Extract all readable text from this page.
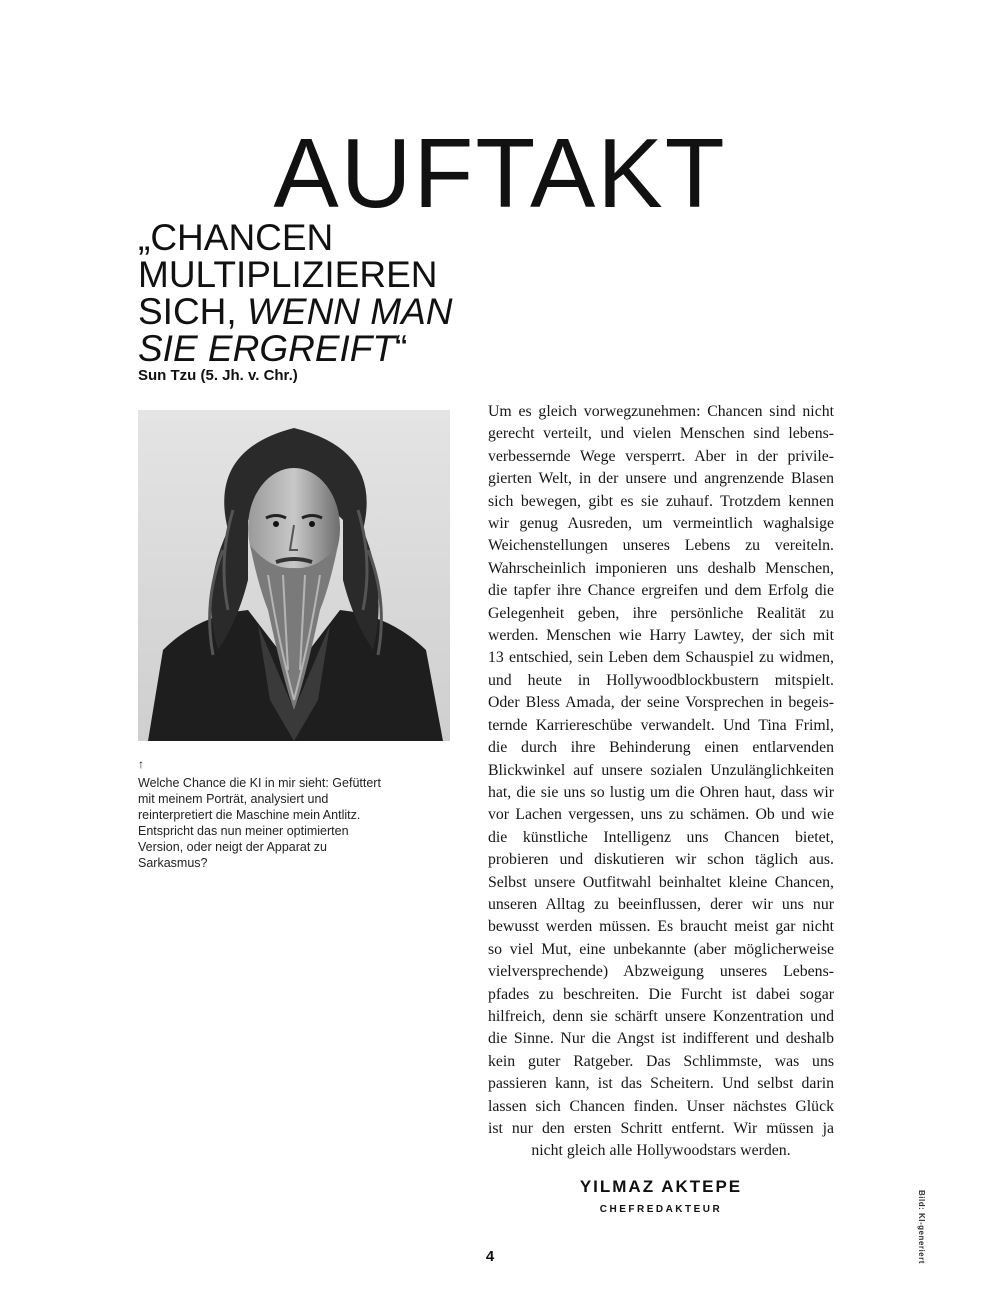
AUFTAKT

„CHANCEN MULTIPLIZIEREN SICH, WENN MAN SIE ERGREIFT“

Sun Tzu (5. Jh. v. Chr.)
↑

Welche Chance die KI in mir sieht: Gefüttert mit meinem Porträt, analysiert und reinterpretiert die Maschine mein Antlitz. Entspricht das nun meiner optimierten Version, oder neigt der Apparat zu Sarkasmus?

Um es gleich vorwegzunehmen: Chancen sind nicht
gerecht verteilt, und vielen Menschen sind lebens-
verbessernde Wege versperrt. Aber in der privile-
gierten Welt, in der unsere und angrenzende Blasen
sich bewegen, gibt es sie zuhauf. Trotzdem kennen
wir genug Ausreden, um vermeintlich waghalsige
Weichenstellungen unseres Lebens zu vereiteln.
Wahrscheinlich imponieren uns deshalb Menschen,
die tapfer ihre Chance ergreifen und dem Erfolg die
Gelegenheit geben, ihre persönliche Realität zu
werden. Menschen wie Harry Lawtey, der sich mit
13 entschied, sein Leben dem Schauspiel zu widmen,
und heute in Hollywoodblockbustern mitspielt.
Oder Bless Amada, der seine Vorsprechen in begeis-
ternde Karriereschübe verwandelt. Und Tina Friml,
die durch ihre Behinderung einen entlarvenden
Blickwinkel auf unsere sozialen Unzulänglichkeiten
hat, die sie uns so lustig um die Ohren haut, dass wir
vor Lachen vergessen, uns zu schämen. Ob und wie
die künstliche Intelligenz uns Chancen bietet,
probieren und diskutieren wir schon täglich aus.
Selbst unsere Outfitwahl beinhaltet kleine Chancen,
unseren Alltag zu beeinflussen, derer wir uns nur
bewusst werden müssen. Es braucht meist gar nicht
so viel Mut, eine unbekannte (aber möglicherweise
vielversprechende) Abzweigung unseres Lebens-
pfades zu beschreiten. Die Furcht ist dabei sogar
hilfreich, denn sie schärft unsere Konzentration und
die Sinne. Nur die Angst ist indifferent und deshalb
kein guter Ratgeber. Das Schlimmste, was uns
passieren kann, ist das Scheitern. Und selbst darin
lassen sich Chancen finden. Unser nächstes Glück
ist nur den ersten Schritt entfernt. Wir müssen ja
nicht gleich alle Hollywoodstars werden.
YILMAZ AKTEPE
CHEFREDAKTEUR	Bild: KI-generiert
4
